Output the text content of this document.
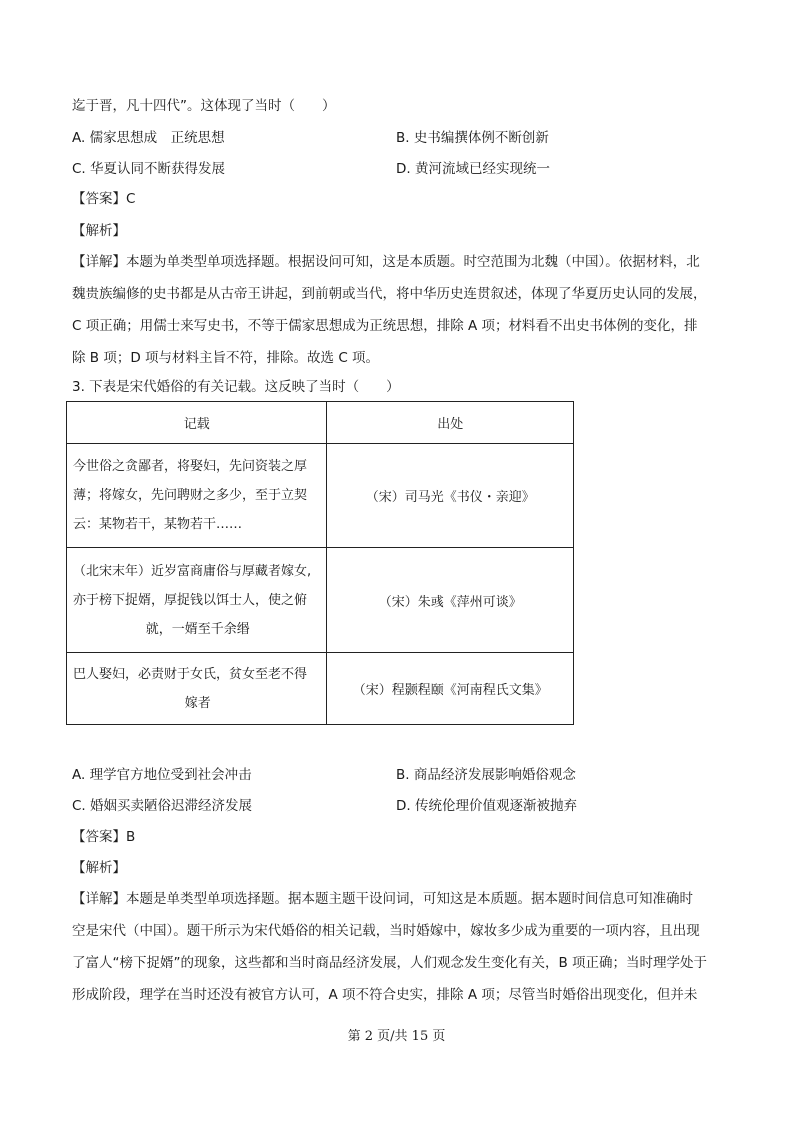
迄于晋，凡十四代”。这体现了当时（　　）
A. 儒家思想成　正统思想	B. 史书编撰体例不断创新
C. 华夏认同不断获得发展	D. 黄河流域已经实现统一
【答案】C
【解析】

【详解】本题为单类型单项选择题。根据设问可知，这是本质题。时空范围为北魏（中国）。依据材料，北

魏贵族编修的史书都是从古帝王讲起，到前朝或当代，将中华历史连贯叙述，体现了华夏历史认同的发展，

C 项正确；用儒士来写史书，不等于儒家思想成为正统思想，排除 A 项；材料看不出史书体例的变化，排

除 B 项；D 项与材料主旨不符，排除。故选 C 项。

3. 下表是宋代婚俗的有关记载。这反映了当时（　　）
记载	出处

今世俗之贪鄙者，将娶妇，先问资装之厚
薄；将嫁女，先问聘财之多少，至于立契
云：某物若干，某物若干……	（宋）司马光《书仪・亲迎》

（北宋末年）近岁富商庸俗与厚藏者嫁女,
亦于榜下捉婿，厚捉钱以饵士人，使之俯
就，一婿至千余缗	（宋）朱彧《萍州可谈》

巴人娶妇，必责财于女氏，贫女至老不得
嫁者	（宋）程颢程颐《河南程氏文集》
A. 理学官方地位受到社会冲击	B. 商品经济发展影响婚俗观念
C. 婚姻买卖陋俗迟滞经济发展	D. 传统伦理价值观逐渐被抛弃
【答案】B
【解析】

【详解】本题是单类型单项选择题。据本题主题干设问词，可知这是本质题。据本题时间信息可知准确时

空是宋代（中国）。题干所示为宋代婚俗的相关记载，当时婚嫁中，嫁妆多少成为重要的一项内容，且出现

了富人“榜下捉婿”的现象，这些都和当时商品经济发展，人们观念发生变化有关，B 项正确；当时理学处于

形成阶段，理学在当时还没有被官方认可，A 项不符合史实，排除 A 项；尽管当时婚俗出现变化，但并未

第 2 页/共 15 页
